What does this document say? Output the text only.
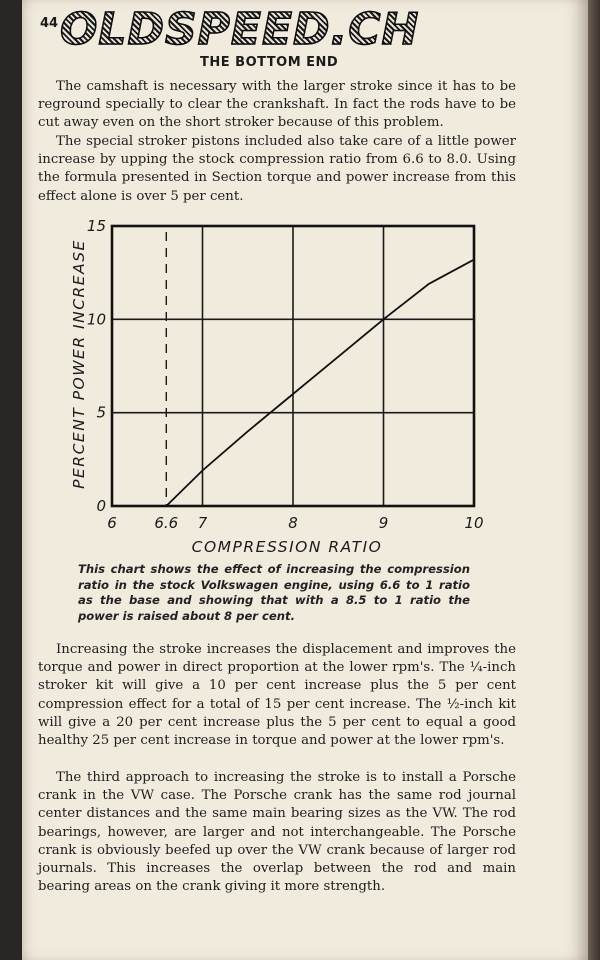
44 OLDSPEED.CH
THE BOTTOM END

The camshaft is necessary with the larger stroke since it has to be reground specially to clear the crankshaft. In fact the rods have to be cut away even on the short stroker because of this problem.

The special stroker pistons included also take care of a little power increase by upping the stock compression ratio from 6.6 to 8.0. Using the formula presented in Section torque and power increase from this effect alone is over 5 per cent.

6	6.6 7	8	9	10
0
5
10
15
COMPRESSION RATIO
PERCENT POWER INCREASE

This chart shows the effect of increasing the compression ratio in the stock Volkswagen engine, using 6.6 to 1 ratio as the base and showing that with a 8.5 to 1 ratio the power is raised about 8 per cent.

Increasing the stroke increases the displacement and improves the torque and power in direct proportion at the lower rpm's. The ¼-inch stroker kit will give a 10 per cent increase plus the 5 per cent compression effect for a total of 15 per cent increase. The ½-inch kit will give a 20 per cent increase plus the 5 per cent to equal a good healthy 25 per cent increase in torque and power at the lower rpm's.

The third approach to increasing the stroke is to install a Porsche crank in the VW case. The Porsche crank has the same rod journal center distances and the same main bearing sizes as the VW. The rod bearings, however, are larger and not interchangeable. The Porsche crank is obviously beefed up over the VW crank because of larger rod journals. This increases the overlap between the rod and main bearing areas on the crank giving it more strength.
